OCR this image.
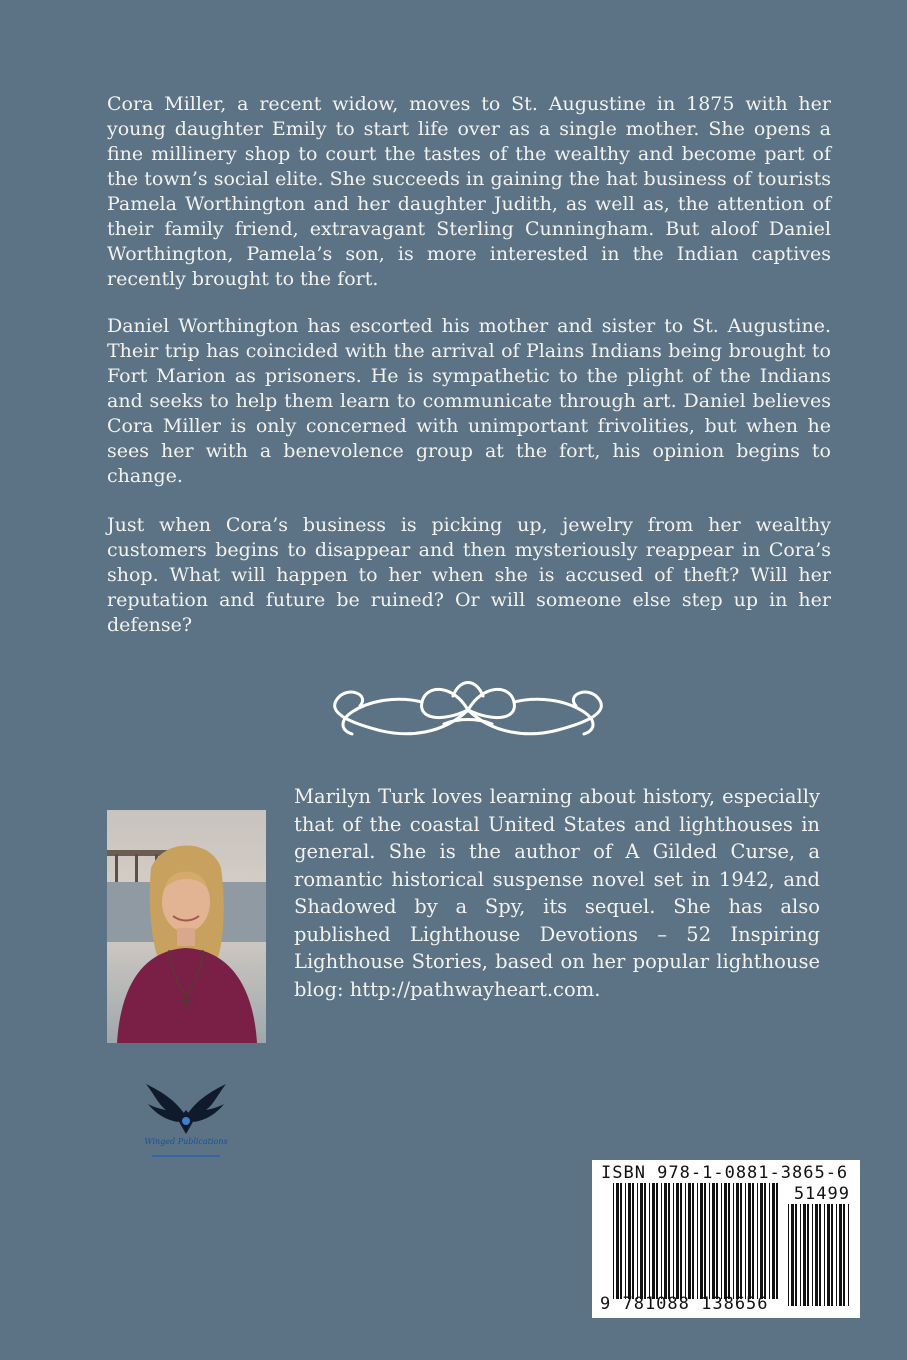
Cora Miller, a recent widow, moves to St. Augustine in 1875 with her young daughter Emily to start life over as a single mother. She opens a fine millinery shop to court the tastes of the wealthy and become part of the town’s social elite. She succeeds in gaining the hat business of tourists Pamela Worthington and her daughter Judith, as well as, the attention of their family friend, extravagant Sterling Cunningham. But aloof Daniel Worthington, Pamela’s son, is more interested in the Indian captives recently brought to the fort.

Daniel Worthington has escorted his mother and sister to St. Augustine. Their trip has coincided with the arrival of Plains Indians being brought to Fort Marion as prisoners. He is sympathetic to the plight of the Indians and seeks to help them learn to communicate through art. Daniel believes Cora Miller is only concerned with unimportant frivolities, but when he sees her with a benevolence group at the fort, his opinion begins to change.

Just when Cora’s business is picking up, jewelry from her wealthy customers begins to disappear and then mysteriously reappear in Cora’s shop. What will happen to her when she is accused of theft? Will her reputation and future be ruined? Or will someone else step up in her defense?

Marilyn Turk loves learning about history, especially that of the coastal United States and lighthouses in general. She is the author of A Gilded Curse, a romantic historical suspense novel set in 1942, and Shadowed by a Spy, its sequel. She has also published Lighthouse Devotions – 52 Inspiring Lighthouse Stories, based on her popular lighthouse blog: http://pathwayheart.com.

Winged Publications
ISBN 978-1-0881-3865-6
51499
9 781088 138656
